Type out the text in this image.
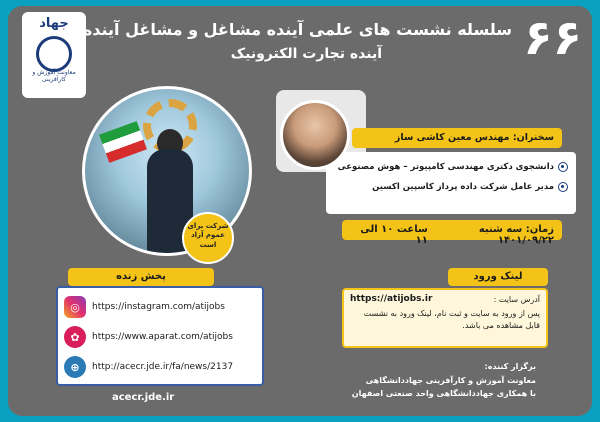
جهاد
معاونت آموزش و کارآفرینی
۶۶
سلسله نشست های علمی آینده مشاغل و مشاغل آینده
آینده تجارت الکترونیک
شرکت برای عموم آزاد است
سخنران: مهندس معین کاشی ساز
دانشجوی دکتری مهندسی کامپیوتر – هوش مصنوعی
مدیر عامل شرکت داده پرداز کاسپین اکسین
زمان: سه شنبه ۱۴۰۱/۰۹/۲۲
ساعت ۱۰ الی ۱۱
پخش زنده
◎	https://instagram.com/atijobs
✿	https://www.aparat.com/atijobs
⊕	http://acecr.jde.ir/fa/news/2137
acecr.jde.ir
لینک ورود
آدرس سایت :
https://atijobs.ir
پس از ورود به سایت و ثبت نام، لینک ورود به نشست قابل مشاهده می باشد.
برگزار کننده:
معاونت آموزش و کارآفرینی جهاددانشگاهی
با همکاری جهاددانشگاهی واحد صنعتی اصفهان
